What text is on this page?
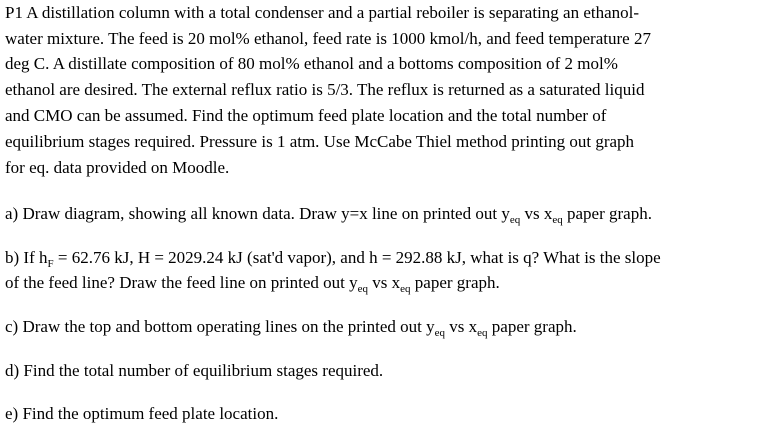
P1 A distillation column with a total condenser and a partial reboiler is separating an ethanol-
water mixture. The feed is 20 mol% ethanol, feed rate is 1000 kmol/h, and feed temperature 27
deg C. A distillate composition of 80 mol% ethanol and a bottoms composition of 2 mol%
ethanol are desired. The external reflux ratio is 5/3. The reflux is returned as a saturated liquid
and CMO can be assumed. Find the optimum feed plate location and the total number of
equilibrium stages required. Pressure is 1 atm. Use McCabe Thiel method printing out graph
for eq. data provided on Moodle.
a) Draw diagram, showing all known data. Draw y=x line on printed out $y_{eq}$ vs $x_{eq}$ paper graph.
b) If $h_F = 62.76$ kJ, H = 2029.24 kJ (sat'd vapor), and h = 292.88 kJ, what is q? What is the slope
of the feed line? Draw the feed line on printed out $y_{eq}$ vs $x_{eq}$ paper graph.
c) Draw the top and bottom operating lines on the printed out $y_{eq}$ vs $x_{eq}$ paper graph.
d) Find the total number of equilibrium stages required.
e) Find the optimum feed plate location.
